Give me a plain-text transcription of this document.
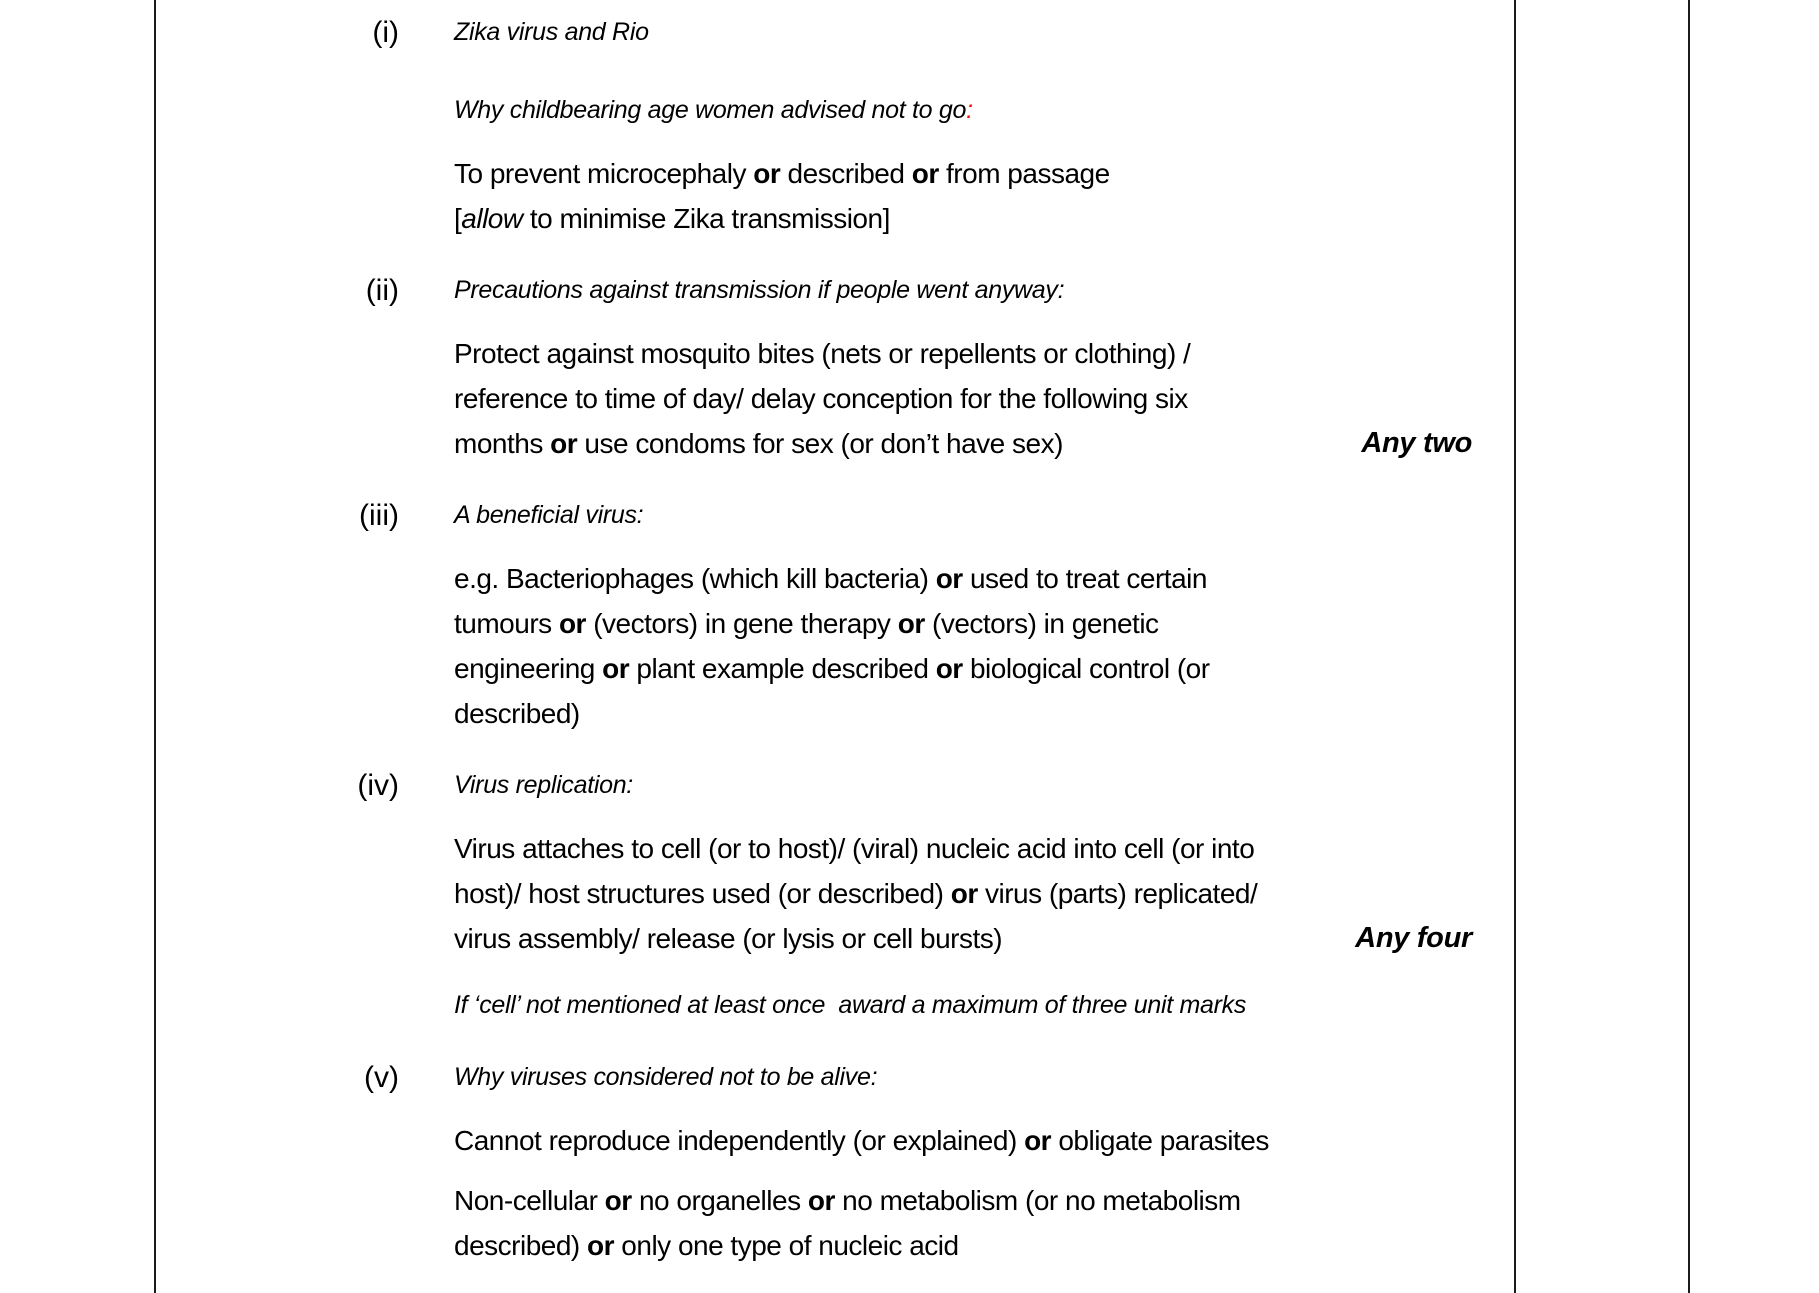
(i) Zika virus and Rio
Why childbearing age women advised not to go:
To prevent microcephaly or described or from passage
[allow to minimise Zika transmission]
(ii) Precautions against transmission if people went anyway:
Protect against mosquito bites (nets or repellents or clothing) /
reference to time of day/ delay conception for the following six
months or use condoms for sex (or don’t have sex)	Any two
(iii) A beneficial virus:
e.g. Bacteriophages (which kill bacteria) or used to treat certain
tumours or (vectors) in gene therapy or (vectors) in genetic
engineering or plant example described or biological control (or
described)
(iv) Virus replication:
Virus attaches to cell (or to host)/ (viral) nucleic acid into cell (or into
host)/ host structures used (or described) or virus (parts) replicated/
virus assembly/ release (or lysis or cell bursts)	Any four
If ‘cell’ not mentioned at least once  award a maximum of three unit marks
(v) Why viruses considered not to be alive:
Cannot reproduce independently (or explained) or obligate parasites
Non-cellular or no organelles or no metabolism (or no metabolism
described) or only one type of nucleic acid
